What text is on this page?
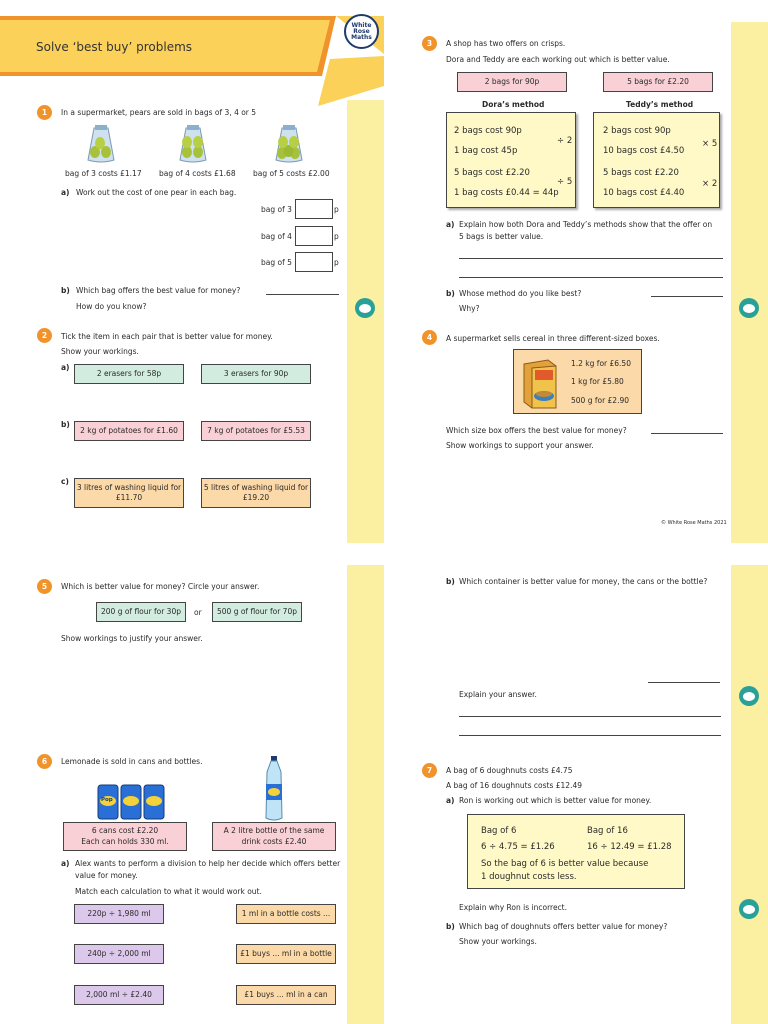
Solve ‘best buy’ problems
White
Rose
Maths
1	In a supermarket, pears are sold in bags of 3, 4 or 5
bag of 3 costs £1.17 bag of 4 costs £1.68 bag of 5 costs £2.00
a) Work out the cost of one pear in each bag.
bag of 3	p
bag of 4	p
bag of 5	p
b) Which bag offers the best value for money?
How do you know?
2	Tick the item in each pair that is better value for money.
Show your workings.
a)
2 erasers for 58p	3 erasers for 90p
b)
2 kg of potatoes for £1.60	7 kg of potatoes for £5.53
c)
3 litres of washing liquid for
£11.70
5 litres of washing liquid for
£19.20
3	A shop has two offers on crisps.
Dora and Teddy are each working out which is better value.
2 bags for 90p	5 bags for £2.20
Dora’s method	Teddy’s method
2 bags cost 90p
1 bag cost 45p
5 bags cost £2.20
1 bag costs £0.44 = 44p
÷ 2
÷ 5
2 bags cost 90p
10 bags cost £4.50
5 bags cost £2.20
10 bags cost £4.40
× 5
× 2
a) Explain how both Dora and Teddy’s methods show that the offer on
5 bags is better value.
b) Whose method do you like best?
Why?
4	A supermarket sells cereal in three different-sized boxes.
1.2 kg for £6.50
1 kg for £5.80
500 g for £2.90
Which size box offers the best value for money?
Show workings to support your answer.
© White Rose Maths 2021
5	Which is better value for money? Circle your answer.
200 g of flour for 30p	or	500 g of flour for 70p
Show workings to justify your answer.
6	Lemonade is sold in cans and bottles.
6 cans cost £2.20
Each can holds 330 ml.
A 2 litre bottle of the same
drink costs £2.40
a) Alex wants to perform a division to help her decide which offers better
value for money.
Match each calculation to what it would work out.
220p ÷ 1,980 ml
240p ÷ 2,000 ml
2,000 ml ÷ £2.40
1 ml in a bottle costs ...
£1 buys ... ml in a bottle
£1 buys ... ml in a can
b) Which container is better value for money, the cans or the bottle?
Explain your answer.
7	A bag of 6 doughnuts costs £4.75
A bag of 16 doughnuts costs £12.49
a) Ron is working out which is better value for money.
Bag of 6	Bag of 16
6 ÷ 4.75 = £1.26	16 ÷ 12.49 = £1.28
So the bag of 6 is better value because
1 doughnut costs less.
Explain why Ron is incorrect.
b) Which bag of doughnuts offers better value for money?
Show your workings.
Pop
